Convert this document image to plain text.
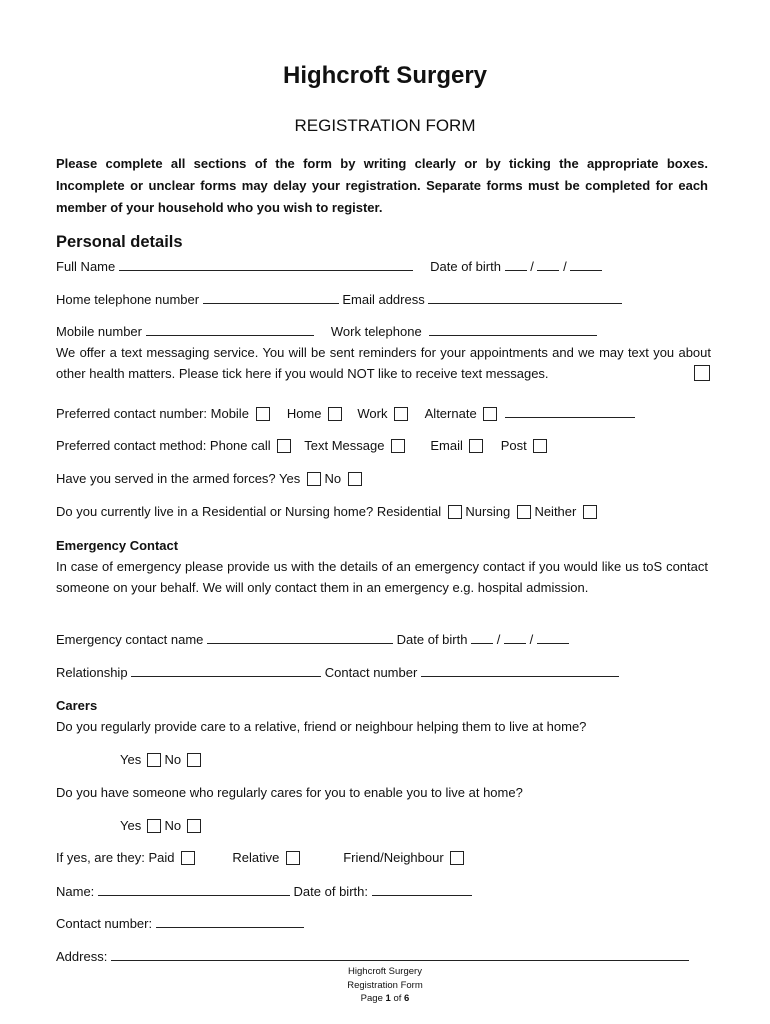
Highcroft Surgery
REGISTRATION FORM
Please complete all sections of the form by writing clearly or by ticking the appropriate boxes. Incomplete or unclear forms may delay your registration. Separate forms must be completed for each member of your household who you wish to register.
Personal details
Full Name	Date of birth / /
Home telephone number	Email address
Mobile number	Work telephone
We offer a text messaging service. You will be sent reminders for your appointments and we may text you about other health matters. Please tick here if you would NOT like to receive text messages.
Preferred contact number: Mobile	Home	Work	Alternate
Preferred contact method: Phone call	Text Message	Email	Post
Have you served in the armed forces? Yes No
Do you currently live in a Residential or Nursing home? Residential Nursing Neither
Emergency Contact
In case of emergency please provide us with the details of an emergency contact if you would like us toS contact someone on your behalf. We will only contact them in an emergency e.g. hospital admission.
Emergency contact name	Date of birth / /
Relationship	Contact number
Carers
Do you regularly provide care to a relative, friend or neighbour helping them to live at home?
Yes No
Do you have someone who regularly cares for you to enable you to live at home?
Yes No
If yes, are they: Paid	Relative	Friend/Neighbour
Name:	Date of birth:
Contact number:
Address:
Highcroft Surgery
Registration Form
Page 1 of 6
